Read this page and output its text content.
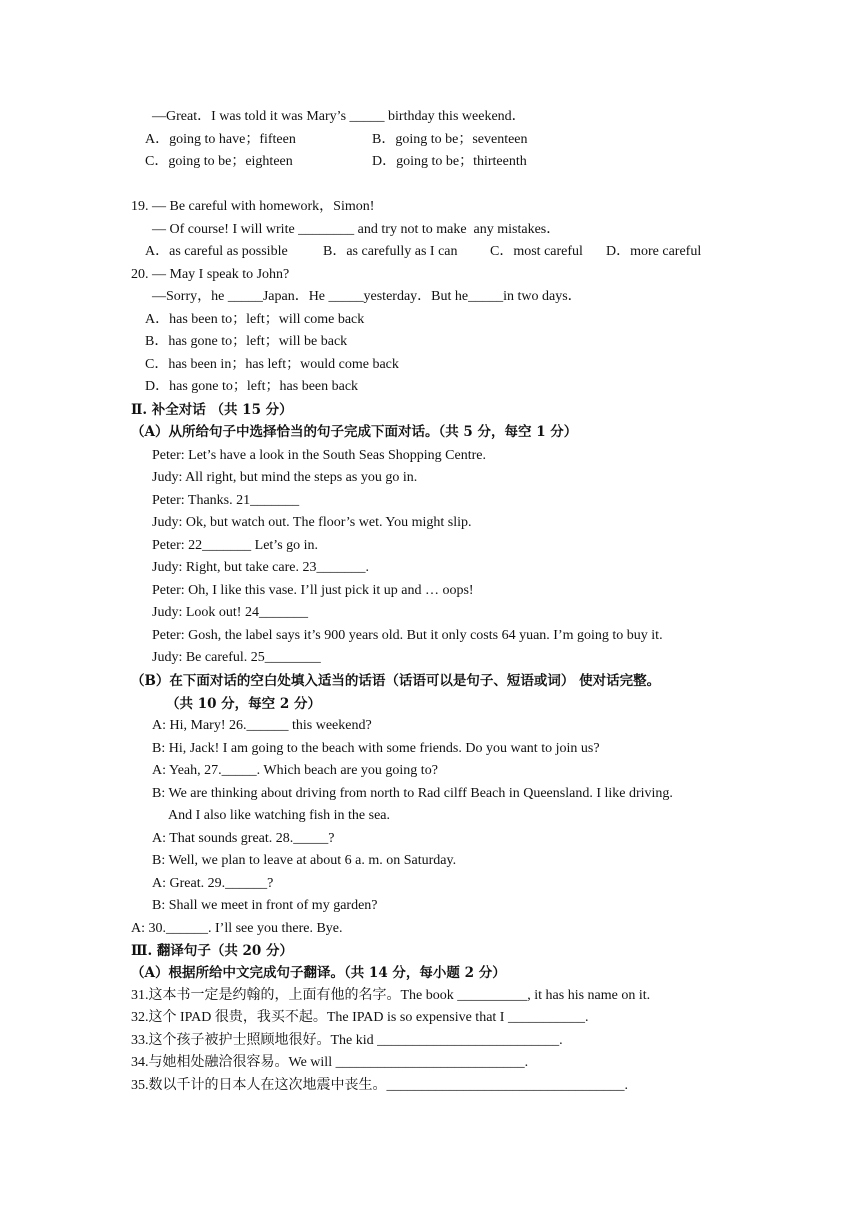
—Great．I was told it was Mary’s _____ birthday this weekend．
A．going to have；fifteen	B．going to be；seventeen
C．going to be；eighteen	D．going to be；thirteenth
19. — Be careful with homework，Simon!
— Of course! I will write ________ and try not to make  any mistakes．
A．as careful as possible	B．as carefully as I can C．most careful D．more careful
20. — May I speak to John?
—Sorry，he _____Japan．He _____yesterday．But he_____in two days．
A．has been to；left；will come back
B．has gone to；left；will be back
C．has been in；has left；would come back
D．has gone to；left；has been back
Ⅱ. 补全对话 （共 15 分）
（A）从所给句子中选择恰当的句子完成下面对话。（共 5 分，每空 1 分）
Peter: Let’s have a look in the South Seas Shopping Centre.
Judy: All right, but mind the steps as you go in.
Peter: Thanks. 21_______
Judy: Ok, but watch out. The floor’s wet. You might slip.
Peter: 22_______ Let’s go in.
Judy: Right, but take care. 23_______.
Peter: Oh, I like this vase. I’ll just pick it up and … oops!
Judy: Look out! 24_______
Peter: Gosh, the label says it’s 900 years old. But it only costs 64 yuan. I’m going to buy it.
Judy: Be careful. 25________
（B）在下面对话的空白处填入适当的话语（话语可以是句子、短语或词） 使对话完整。
（共 10 分，每空 2 分）
A: Hi, Mary! 26.______ this weekend?
B: Hi, Jack! I am going to the beach with some friends. Do you want to join us?
A: Yeah, 27._____. Which beach are you going to?
B: We are thinking about driving from north to Rad cilff Beach in Queensland. I like driving.
And I also like watching fish in the sea.
A: That sounds great. 28._____?
B: Well, we plan to leave at about 6 a. m. on Saturday.
A: Great. 29.______?
B: Shall we meet in front of my garden?
A: 30.______. I’ll see you there. Bye.
Ⅲ. 翻译句子（共 20 分）
（A）根据所给中文完成句子翻译。（共 14 分，每小题 2 分）
31.这本书一定是约翰的，上面有他的名字。The book __________, it has his name on it.
32.这个 IPAD 很贵，我买不起。The IPAD is so expensive that I ___________.
33.这个孩子被护士照顾地很好。The kid __________________________.
34.与她相处融洽很容易。We will ___________________________.
35.数以千计的日本人在这次地震中丧生。__________________________________.
